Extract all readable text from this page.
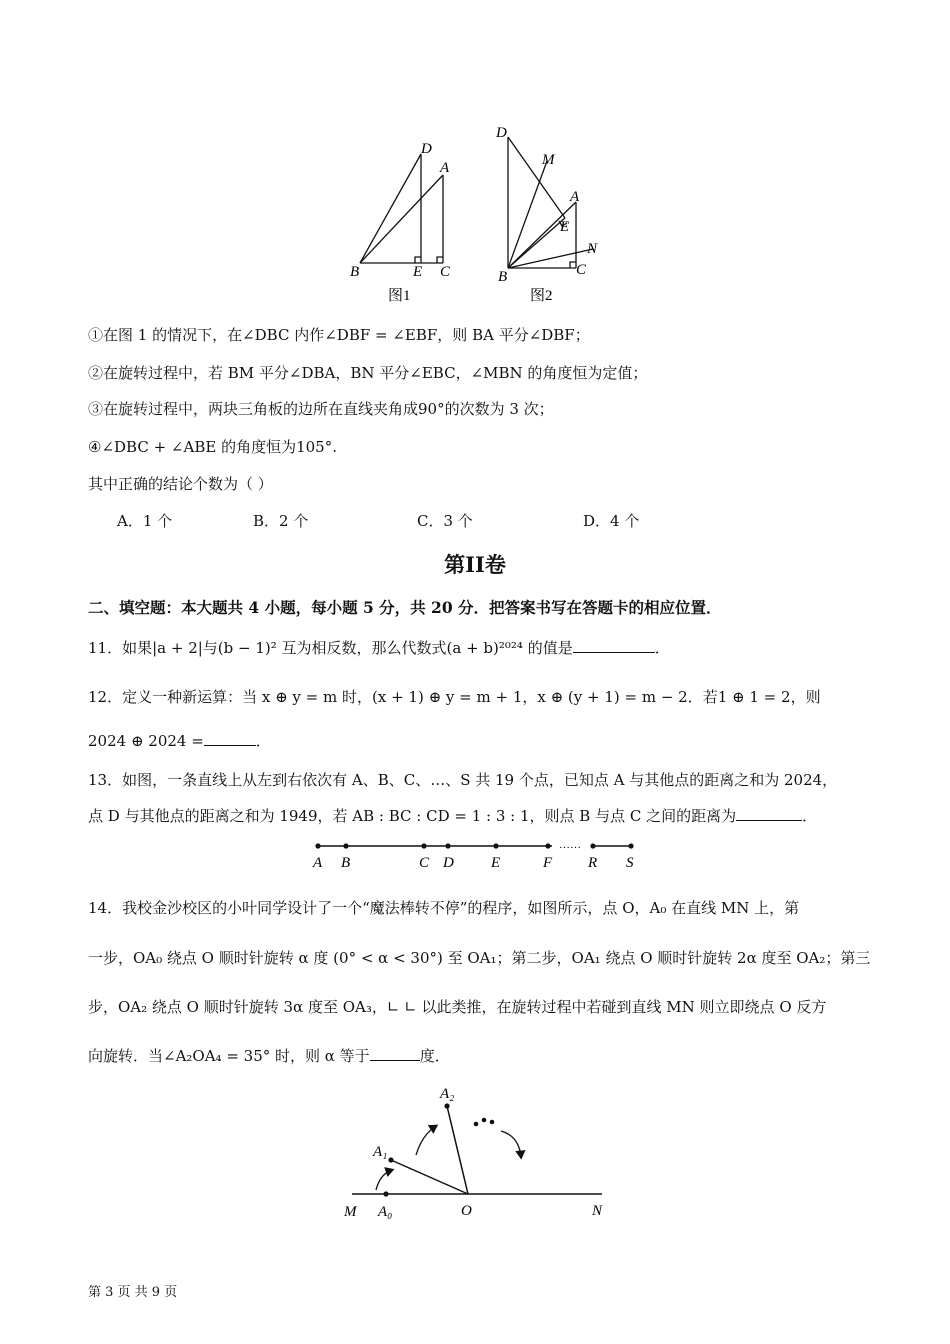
D
A
B	E C
图1
D
M
A
E
N
B	C
图2
①在图 1 的情况下，在∠DBC 内作∠DBF = ∠EBF，则 BA 平分∠DBF；
②在旋转过程中，若 BM 平分∠DBA，BN 平分∠EBC，∠MBN 的角度恒为定值；
③在旋转过程中，两块三角板的边所在直线夹角成90°的次数为 3 次；
④∠DBC + ∠ABE 的角度恒为105°.
其中正确的结论个数为（ ）
A．1 个	B．2 个	C．3 个	D．4 个
第II卷
二、填空题：本大题共 4 小题，每小题 5 分，共 20 分．把答案书写在答题卡的相应位置．
11．如果|a + 2|与(b − 1)² 互为相反数，那么代数式(a + b)²⁰²⁴ 的值是	．
12．定义一种新运算：当 x ⊕ y = m 时，(x + 1) ⊕ y = m + 1，x ⊕ (y + 1) = m − 2．若1 ⊕ 1 = 2，则
2024 ⊕ 2024 =	．
13．如图，一条直线上从左到右依次有 A、B、C、…、S 共 19 个点，已知点 A 与其他点的距离之和为 2024，
点 D 与其他点的距离之和为 1949，若 AB : BC : CD = 1 : 3 : 1，则点 B 与点 C 之间的距离为	．
……
A B	C D E	F R S
14．我校金沙校区的小叶同学设计了一个“魔法棒转不停”的程序，如图所示，点 O，A₀ 在直线 MN 上，第
一步，OA₀ 绕点 O 顺时针旋转 α 度 (0° < α < 30°) 至 OA₁；第二步，OA₁ 绕点 O 顺时针旋转 2α 度至 OA₂；第三
步，OA₂ 绕点 O 顺时针旋转 3α 度至 OA₃，∟ ∟ 以此类推，在旋转过程中若碰到直线 MN 则立即绕点 O 反方
向旋转．当∠A₂OA₄ = 35° 时，则 α 等于	度．
M A₀	O	N
A₁
A₂
第 3 页 共 9 页
